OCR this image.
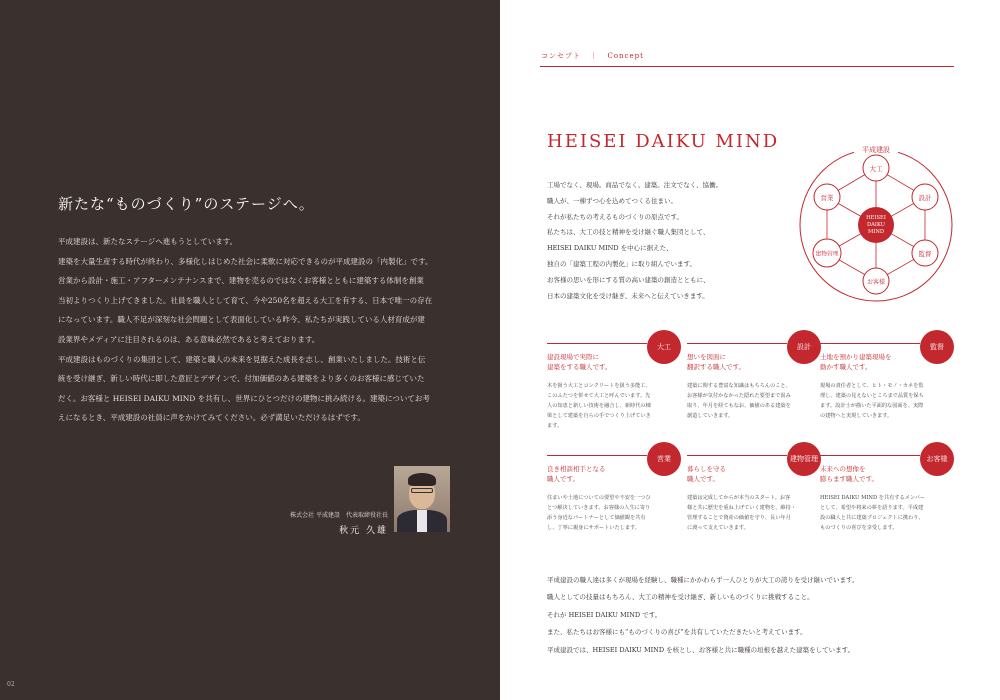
新たな“ものづくり”のステージへ。

平成建設は、新たなステージへ進もうとしています。

建築を大量生産する時代が終わり、多様化しはじめた社会に柔軟に対応できるのが平成建設の「内製化」です。

営業から設計・施工・アフターメンテナンスまで、建物を売るのではなくお客様とともに建築する体制を創業

当初よりつくり上げてきました。社員を職人として育て、今や250名を超える大工を有する、日本で唯一の存在

になっています。職人不足が深刻な社会問題として表面化している昨今、私たちが実践している人材育成が建

設業界やメディアに注目されるのは、ある意味必然であると考えております。

平成建設はものづくりの集団として、建築と職人の未来を見据えた成長を志し、創業いたしました。技術と伝

統を受け継ぎ、新しい時代に即した意匠とデザインで、付加価値のある建築をより多くのお客様に感じていた

だく。お客様と HEISEI DAIKU MIND を共有し、世界にひとつだけの建物に挑み続ける。建築についてお考

えになるとき、平成建設の社員に声をかけてみてください。必ず満足いただけるはずです。

株式会社 平成建設　代表取締役社長
秋元 久雄
02
コンセプト ｜ Concept
HEISEI DAIKU MIND

工場でなく、現場。商品でなく、建築。注文でなく、協働。

職人が、一棟ずつ心を込めてつくる住まい。

それが私たちの考えるものづくりの原点です。

私たちは、大工の技と精神を受け継ぐ職人集団として、

HEISEI DAIKU MIND を中心に据えた、

独自の「建築工程の内製化」に取り組んでいます。

お客様の思いを形にする質の高い建築の創造とともに、

日本の建築文化を受け継ぎ、未来へと伝えていきます。

平成建設
HEISEI
DAIKU
MIND
大工
設計
監督
お客様
建物管理
営業
大工
建設現場で実際に
建築をする職人です。
木を扱う大工とコンクリートを扱う多能工、
このふたつを併せて大工と呼んでいます。先
人の知恵と新しい技術を融合し、新時代の棟
梁として建築を自らの手でつくり上げていき
ます。
設計
想いを図面に
翻訳する職人です。
建築に関する豊富な知識はもちろんのこと、
お客様が気付かなかった隠れた要望まで汲み
取り、年月を経てもなお、価値のある建築を
創造していきます。
監督
土地を預かり建築現場を
動かす職人です。
現場の責任者として、ヒト・モノ・カネを監
理し、建築の見えないところまで品質を保ち
ます。設計士が描いた平面的な図面を、実際
の建物へと実現していきます。
営業
良き相談相手となる
職人です。
住まいや土地についての要望や不安を一つひ
とつ解決していきます。お客様の人生に寄り
添う身近なパートナーとして価値観を共有
し、丁寧に親身にサポートいたします。
建物管理
暮らしを守る
職人です。
建築は完成してからが本当のスタート。お客
様と共に歴史を重ね上げていく建物を、維持・
管理することで資産の価値を守り、長い年月
に渡って支えていきます。
お客様
未来への想像を
膨らます職人です。
HEISEI DAIKU MIND を共有するメンバー
として、希望や将来の夢を語ります。平成建
設の職人と共に建築プロジェクトに携わり、
ものづくりの喜びを享受します。

平成建設の職人達は多くが現場を経験し、職種にかかわらず一人ひとりが大工の誇りを受け継いでいます。

職人としての技量はもちろん、大工の精神を受け継ぎ、新しいものづくりに挑戦すること。

それが HEISEI DAIKU MIND です。

また、私たちはお客様にも“ものづくりの喜び”を共有していただきたいと考えています。

平成建設では、HEISEI DAIKU MIND を核とし、お客様と共に職種の垣根を越えた建築をしています。
